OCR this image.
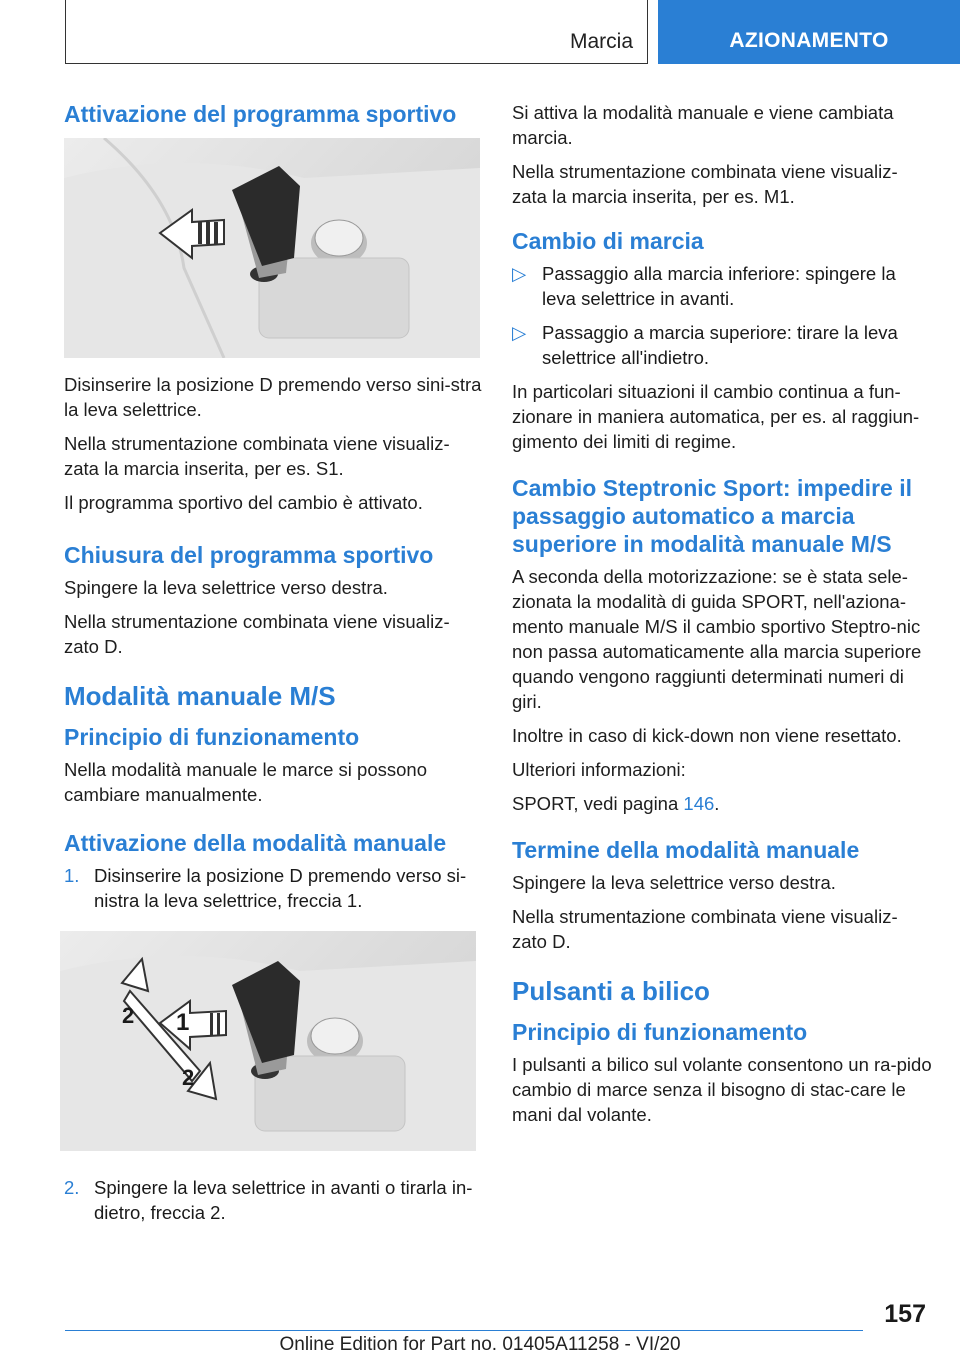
Marcia	AZIONAMENTO
Attivazione del programma sportivo

Disinserire la posizione D premendo verso sini‐stra la leva selettrice.

Nella strumentazione combinata viene visualiz‐zata la marcia inserita, per es. S1.

Il programma sportivo del cambio è attivato.

Chiusura del programma sportivo

Spingere la leva selettrice verso destra.

Nella strumentazione combinata viene visualiz‐zato D.

Modalità manuale M/S
Principio di funzionamento

Nella modalità manuale le marce si possono cambiare manualmente.

Attivazione della modalità manuale
1. Disinserire la posizione D premendo verso si‐nistra la leva selettrice, freccia 1.
1
2
2
2. Spingere la leva selettrice in avanti o tirarla in‐dietro, freccia 2.

Si attiva la modalità manuale e viene cambiata marcia.

Nella strumentazione combinata viene visualiz‐zata la marcia inserita, per es. M1.

Cambio di marcia
▷ Passaggio alla marcia inferiore: spingere la leva selettrice in avanti.
▷ Passaggio a marcia superiore: tirare la leva selettrice all'indietro.

In particolari situazioni il cambio continua a fun‐zionare in maniera automatica, per es. al raggiun‐gimento dei limiti di regime.

Cambio Steptronic Sport: impedire il passaggio automatico a marcia superiore in modalità manuale M/S

A seconda della motorizzazione: se è stata sele‐zionata la modalità di guida SPORT, nell'aziona‐mento manuale M/S il cambio sportivo Steptro‐nic non passa automaticamente alla marcia superiore quando vengono raggiunti determinati numeri di giri.

Inoltre in caso di kick-down non viene resettato.

Ulteriori informazioni:

SPORT, vedi pagina 146.

Termine della modalità manuale

Spingere la leva selettrice verso destra.

Nella strumentazione combinata viene visualiz‐zato D.

Pulsanti a bilico
Principio di funzionamento

I pulsanti a bilico sul volante consentono un ra‐pido cambio di marce senza il bisogno di stac‐care le mani dal volante.

157
Online Edition for Part no. 01405A11258 - VI/20
